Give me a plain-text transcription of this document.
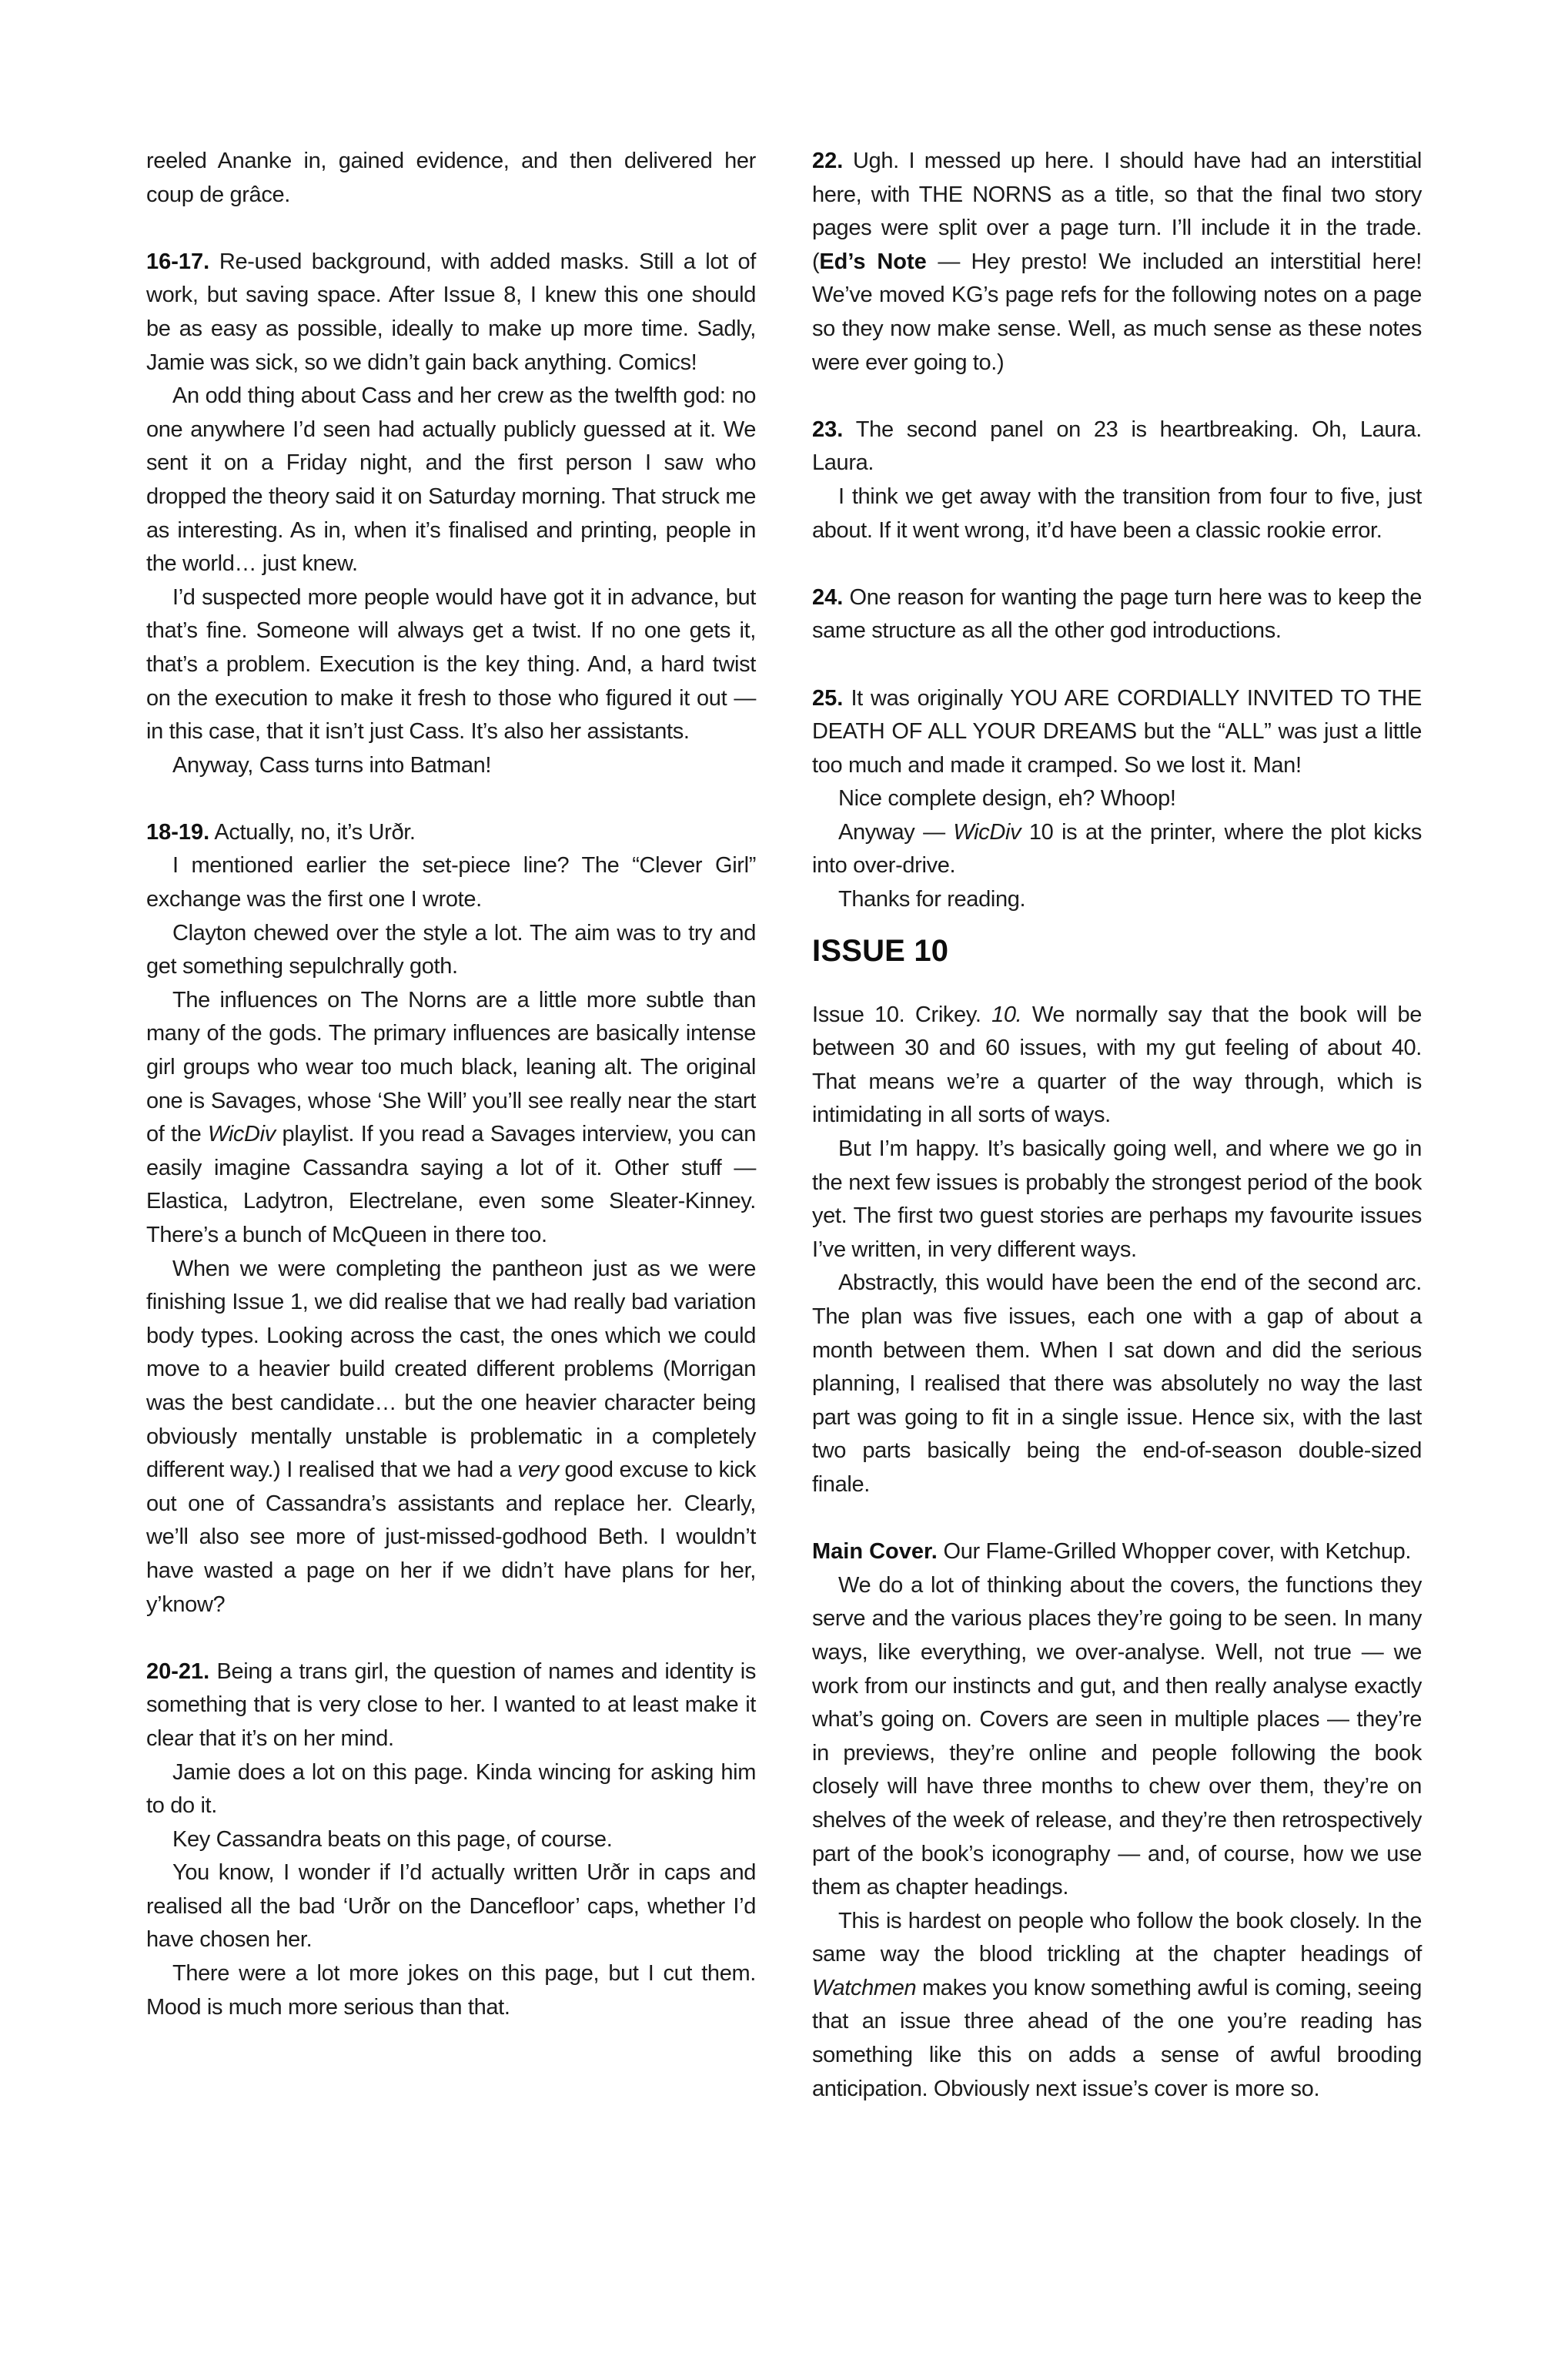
reeled Ananke in, gained evidence, and then delivered her coup de grâce.

16-17. Re-used background, with added masks. Still a lot of work, but saving space. After Issue 8, I knew this one should be as easy as possible, ideally to make up more time. Sadly, Jamie was sick, so we didn’t gain back anything. Comics!

An odd thing about Cass and her crew as the twelfth god: no one anywhere I’d seen had actually publicly guessed at it. We sent it on a Friday night, and the first person I saw who dropped the theory said it on Saturday morning. That struck me as interesting. As in, when it’s finalised and printing, people in the world… just knew.

I’d suspected more people would have got it in advance, but that’s fine. Someone will always get a twist. If no one gets it, that’s a problem. Execution is the key thing. And, a hard twist on the execution to make it fresh to those who figured it out — in this case, that it isn’t just Cass. It’s also her assistants.

Anyway, Cass turns into Batman!

18-19. Actually, no, it’s Urðr.

I mentioned earlier the set-piece line? The “Clever Girl” exchange was the first one I wrote.

Clayton chewed over the style a lot. The aim was to try and get something sepulchrally goth.

The influences on The Norns are a little more subtle than many of the gods. The primary influences are basically intense girl groups who wear too much black, leaning alt. The original one is Savages, whose ‘She Will’ you’ll see really near the start of the WicDiv playlist. If you read a Savages interview, you can easily imagine Cassandra saying a lot of it. Other stuff — Elastica, Ladytron, Electrelane, even some Sleater-Kinney. There’s a bunch of McQueen in there too.

When we were completing the pantheon just as we were finishing Issue 1, we did realise that we had really bad variation body types. Looking across the cast, the ones which we could move to a heavier build created different problems (Morrigan was the best candidate… but the one heavier character being obviously mentally unstable is problematic in a completely different way.) I realised that we had a very good excuse to kick out one of Cassandra’s assistants and replace her. Clearly, we’ll also see more of just-missed-godhood Beth. I wouldn’t have wasted a page on her if we didn’t have plans for her, y’know?

20-21. Being a trans girl, the question of names and identity is something that is very close to her. I wanted to at least make it clear that it’s on her mind.

Jamie does a lot on this page. Kinda wincing for asking him to do it.

Key Cassandra beats on this page, of course.

You know, I wonder if I’d actually written Urðr in caps and realised all the bad ‘Urðr on the Dancefloor’ caps, whether I’d have chosen her.

There were a lot more jokes on this page, but I cut them. Mood is much more serious than that.

22. Ugh. I messed up here. I should have had an interstitial here, with THE NORNS as a title, so that the final two story pages were split over a page turn. I’ll include it in the trade. (Ed’s Note — Hey presto! We included an interstitial here! We’ve moved KG’s page refs for the following notes on a page so they now make sense. Well, as much sense as these notes were ever going to.)

23. The second panel on 23 is heartbreaking. Oh, Laura. Laura.

I think we get away with the transition from four to five, just about. If it went wrong, it’d have been a classic rookie error.

24. One reason for wanting the page turn here was to keep the same structure as all the other god introductions.

25. It was originally YOU ARE CORDIALLY INVITED TO THE DEATH OF ALL YOUR DREAMS but the “ALL” was just a little too much and made it cramped. So we lost it. Man!

Nice complete design, eh? Whoop!

Anyway — WicDiv 10 is at the printer, where the plot kicks into over-drive.

Thanks for reading.

ISSUE 10

Issue 10. Crikey. 10. We normally say that the book will be between 30 and 60 issues, with my gut feeling of about 40. That means we’re a quarter of the way through, which is intimidating in all sorts of ways.

But I’m happy. It’s basically going well, and where we go in the next few issues is probably the strongest period of the book yet. The first two guest stories are perhaps my favourite issues I’ve written, in very different ways.

Abstractly, this would have been the end of the second arc. The plan was five issues, each one with a gap of about a month between them. When I sat down and did the serious planning, I realised that there was absolutely no way the last part was going to fit in a single issue. Hence six, with the last two parts basically being the end-of-season double-sized finale.

Main Cover. Our Flame-Grilled Whopper cover, with Ketchup.

We do a lot of thinking about the covers, the functions they serve and the various places they’re going to be seen. In many ways, like everything, we over-analyse. Well, not true — we work from our instincts and gut, and then really analyse exactly what’s going on. Covers are seen in multiple places — they’re in previews, they’re online and people following the book closely will have three months to chew over them, they’re on shelves of the week of release, and they’re then retrospectively part of the book’s iconography — and, of course, how we use them as chapter headings.

This is hardest on people who follow the book closely. In the same way the blood trickling at the chapter headings of Watchmen makes you know something awful is coming, seeing that an issue three ahead of the one you’re reading has something like this on adds a sense of awful brooding anticipation. Obviously next issue’s cover is more so.
